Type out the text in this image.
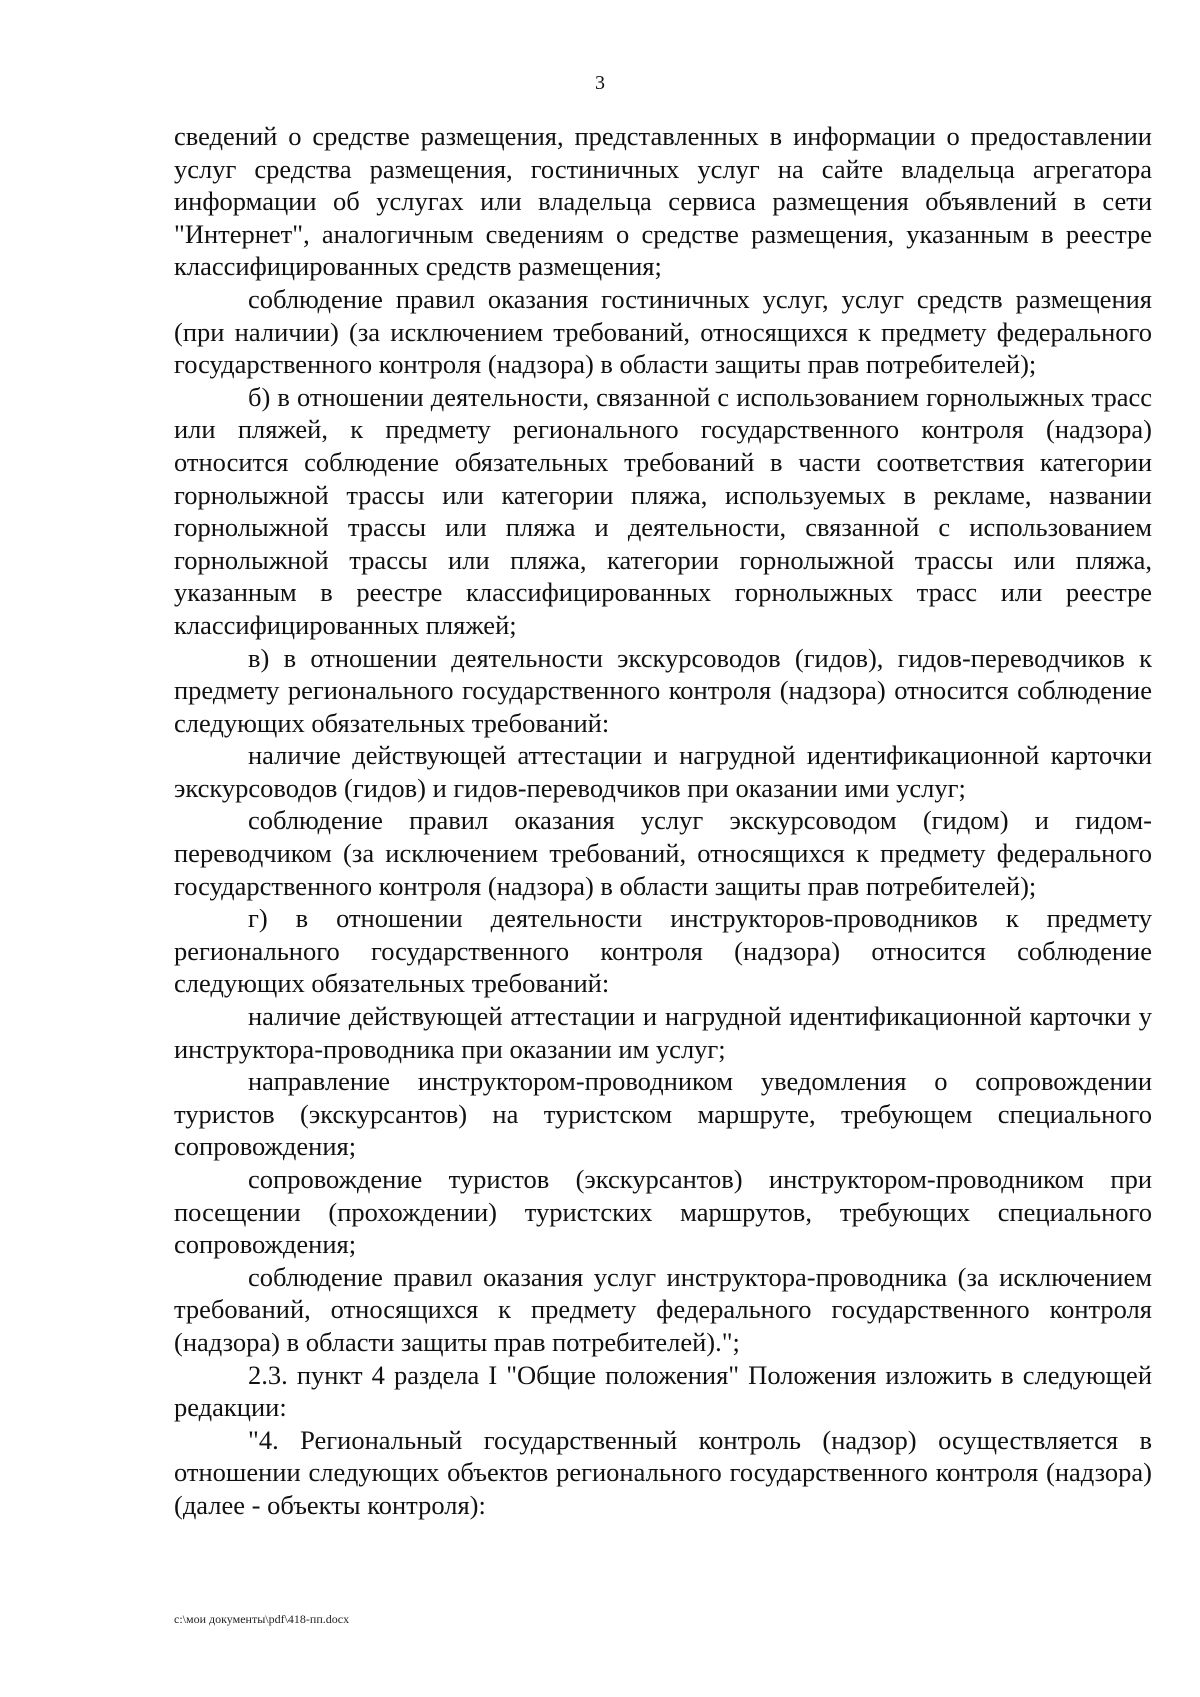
3

сведений о средстве размещения, представленных в информации о предоставлении услуг средства размещения, гостиничных услуг на сайте владельца агрегатора информации об услугах или владельца сервиса размещения объявлений в сети "Интернет", аналогичным сведениям о средстве размещения, указанным в реестре классифицированных средств размещения;

соблюдение правил оказания гостиничных услуг, услуг средств размещения (при наличии) (за исключением требований, относящихся к предмету федерального государственного контроля (надзора) в области защиты прав потребителей);

б) в отношении деятельности, связанной с использованием горнолыжных трасс или пляжей, к предмету регионального государственного контроля (надзора) относится соблюдение обязательных требований в части соответствия категории горнолыжной трассы или категории пляжа, используемых в рекламе, названии горнолыжной трассы или пляжа и деятельности, связанной с использованием горнолыжной трассы или пляжа, категории горнолыжной трассы или пляжа, указанным в реестре классифицированных горнолыжных трасс или реестре классифицированных пляжей;

в) в отношении деятельности экскурсоводов (гидов), гидов-переводчиков к предмету регионального государственного контроля (надзора) относится соблюдение следующих обязательных требований:

наличие действующей аттестации и нагрудной идентификационной карточки экскурсоводов (гидов) и гидов-переводчиков при оказании ими услуг;

соблюдение правил оказания услуг экскурсоводом (гидом) и гидом-переводчиком (за исключением требований, относящихся к предмету федерального государственного контроля (надзора) в области защиты прав потребителей);

г) в отношении деятельности инструкторов-проводников к предмету регионального государственного контроля (надзора) относится соблюдение следующих обязательных требований:

наличие действующей аттестации и нагрудной идентификационной карточки у инструктора-проводника при оказании им услуг;

направление инструктором-проводником уведомления о сопровождении туристов (экскурсантов) на туристском маршруте, требующем специального сопровождения;

сопровождение туристов (экскурсантов) инструктором-проводником при посещении (прохождении) туристских маршрутов, требующих специального сопровождения;

соблюдение правил оказания услуг инструктора-проводника (за исключением требований, относящихся к предмету федерального государственного контроля (надзора) в области защиты прав потребителей).";

2.3. пункт 4 раздела I "Общие положения" Положения изложить в следующей редакции:

"4. Региональный государственный контроль (надзор) осуществляется в отношении следующих объектов регионального государственного контроля (надзора) (далее - объекты контроля):

c:\мои документы\pdf\418-пп.docx
